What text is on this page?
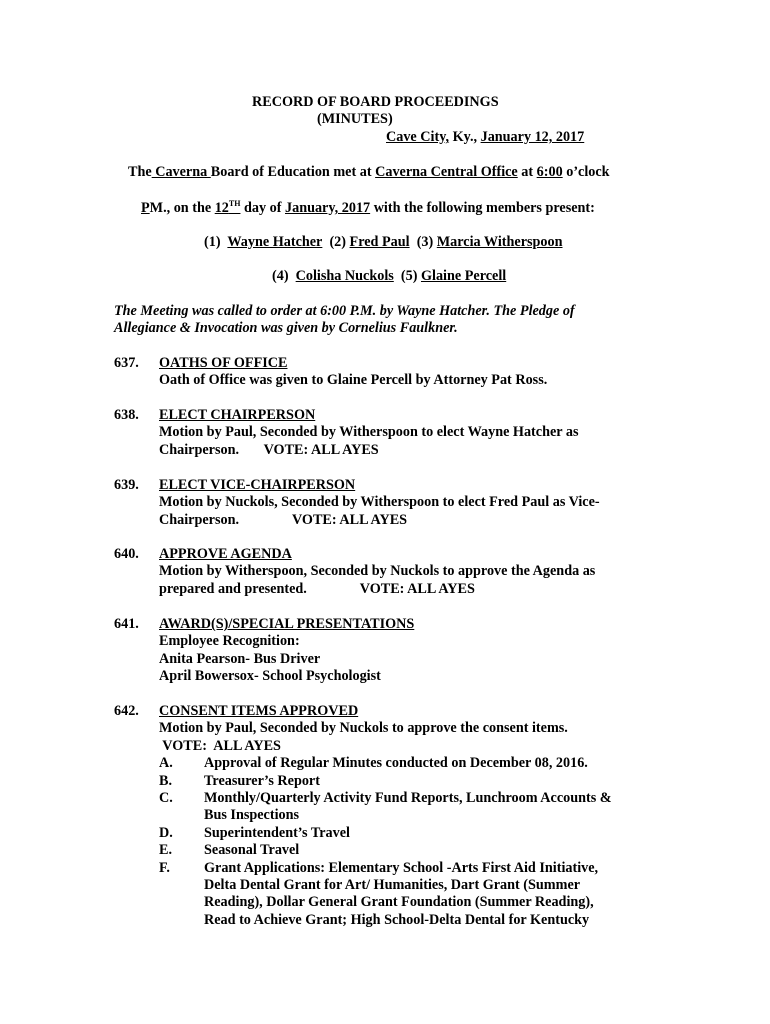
RECORD OF BOARD PROCEEDINGS
(MINUTES)
Cave City, Ky., January 12, 2017
The Caverna Board of Education met at Caverna Central Office at 6:00 o’clock
PM., on the 12TH day of January, 2017 with the following members present:
(1) Wayne Hatcher (2) Fred Paul (3) Marcia Witherspoon
(4) Colisha Nuckols (5) Glaine Percell
The Meeting was called to order at 6:00 P.M. by Wayne Hatcher. The Pledge of
Allegiance & Invocation was given by Cornelius Faulkner.
637. OATHS OF OFFICE
Oath of Office was given to Glaine Percell by Attorney Pat Ross.
638. ELECT CHAIRPERSON
Motion by Paul, Seconded by Witherspoon to elect Wayne Hatcher as
Chairperson.       VOTE: ALL AYES
639. ELECT VICE-CHAIRPERSON
Motion by Nuckols, Seconded by Witherspoon to elect Fred Paul as Vice-
Chairperson.               VOTE: ALL AYES
640. APPROVE AGENDA
Motion by Witherspoon, Seconded by Nuckols to approve the Agenda as
prepared and presented.               VOTE: ALL AYES
641. AWARD(S)/SPECIAL PRESENTATIONS
Employee Recognition:
Anita Pearson- Bus Driver
April Bowersox- School Psychologist
642. CONSENT ITEMS APPROVED
Motion by Paul, Seconded by Nuckols to approve the consent items.
VOTE:  ALL AYES
A. Approval of Regular Minutes conducted on December 08, 2016.
B. Treasurer’s Report
C. Monthly/Quarterly Activity Fund Reports, Lunchroom Accounts &
Bus Inspections
D. Superintendent’s Travel
E. Seasonal Travel
F. Grant Applications: Elementary School -Arts First Aid Initiative,
Delta Dental Grant for Art/ Humanities, Dart Grant (Summer
Reading), Dollar General Grant Foundation (Summer Reading),
Read to Achieve Grant; High School-Delta Dental for Kentucky
